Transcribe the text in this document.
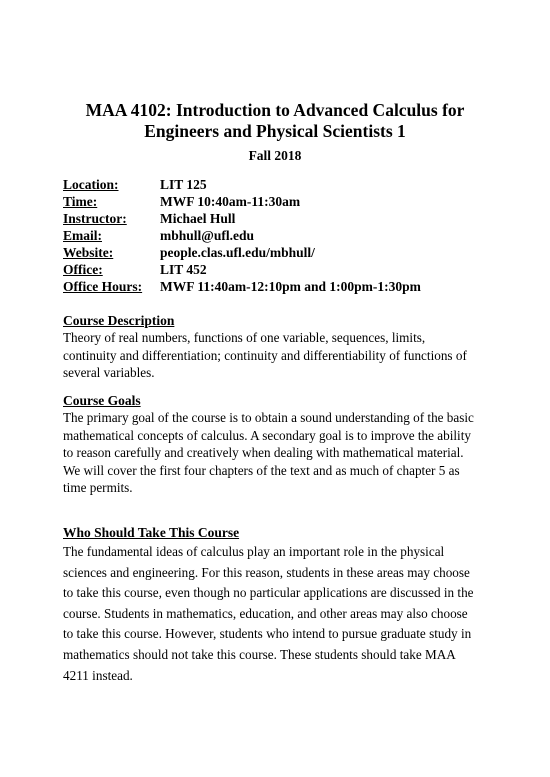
MAA 4102: Introduction to Advanced Calculus for
Engineers and Physical Scientists 1
Fall 2018
Location:	LIT 125
Time:	MWF 10:40am-11:30am
Instructor:	Michael Hull
Email:	mbhull@ufl.edu
Website:	people.clas.ufl.edu/mbhull/
Office:	LIT 452
Office Hours:	MWF 11:40am-12:10pm and 1:00pm-1:30pm
Course Description
Theory of real numbers, functions of one variable, sequences, limits,
continuity and differentiation; continuity and differentiability of functions of
several variables.
Course Goals
The primary goal of the course is to obtain a sound understanding of the basic
mathematical concepts of calculus. A secondary goal is to improve the ability
to reason carefully and creatively when dealing with mathematical material.
We will cover the first four chapters of the text and as much of chapter 5 as
time permits.
Who Should Take This Course
The fundamental ideas of calculus play an important role in the physical
sciences and engineering. For this reason, students in these areas may choose
to take this course, even though no particular applications are discussed in the
course. Students in mathematics, education, and other areas may also choose
to take this course. However, students who intend to pursue graduate study in
mathematics should not take this course. These students should take MAA
4211 instead.
